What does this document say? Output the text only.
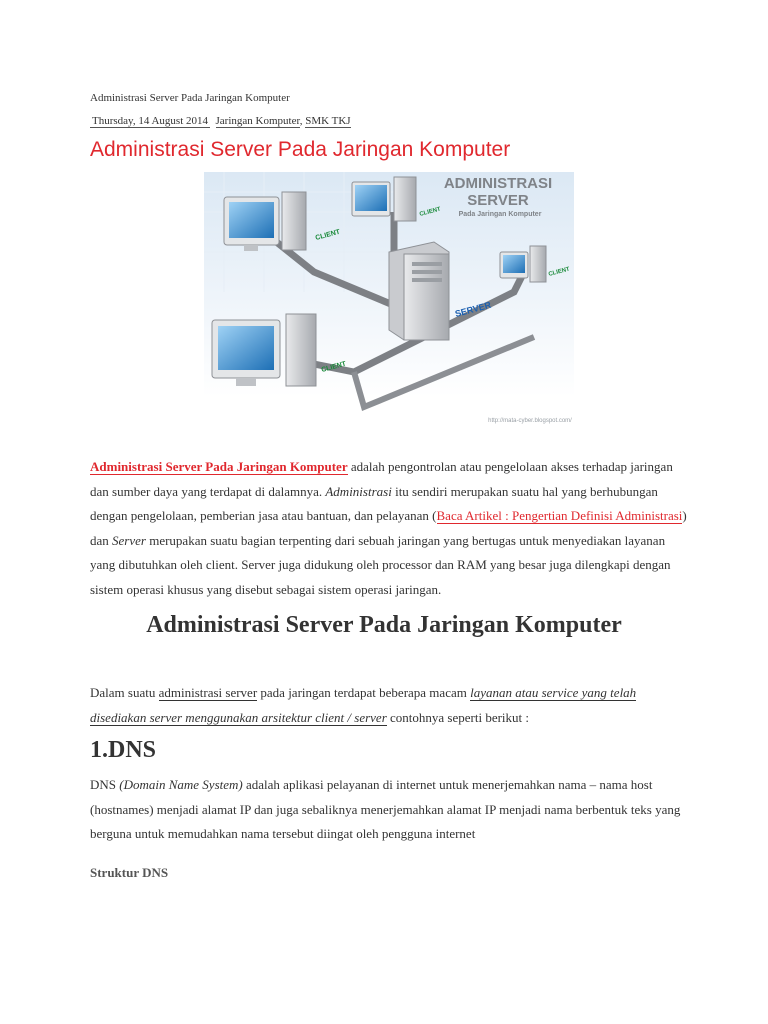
Administrasi Server Pada Jaringan Komputer
Thursday, 14 August 2014 Jaringan Komputer, SMK TKJ
Administrasi Server Pada Jaringan Komputer
CLIENT
CLIENT
ADMINISTRASI
SERVER
Pada Jaringan Komputer
SERVER
CLIENT
CLIENT
http://mata-cyber.blogspot.com/
Administrasi Server Pada Jaringan Komputer adalah pengontrolan atau pengelolaan akses terhadap jaringan dan sumber daya yang terdapat di dalamnya. Administrasi itu sendiri merupakan suatu hal yang berhubungan dengan pengelolaan, pemberian jasa atau bantuan, dan pelayanan (Baca Artikel : Pengertian Definisi Administrasi) dan Server merupakan suatu bagian terpenting dari sebuah jaringan yang bertugas untuk menyediakan layanan yang dibutuhkan oleh client. Server juga didukung oleh processor dan RAM yang besar juga dilengkapi dengan sistem operasi khusus yang disebut sebagai sistem operasi jaringan.
Administrasi Server Pada Jaringan Komputer
Dalam suatu administrasi server pada jaringan terdapat beberapa macam layanan atau service yang telah disediakan server menggunakan arsitektur client / server contohnya seperti berikut :
1.DNS
DNS (Domain Name System) adalah aplikasi pelayanan di internet untuk menerjemahkan nama – nama host (hostnames) menjadi alamat IP dan juga sebaliknya menerjemahkan alamat IP menjadi nama berbentuk teks yang berguna untuk memudahkan nama tersebut diingat oleh pengguna internet
Struktur DNS
